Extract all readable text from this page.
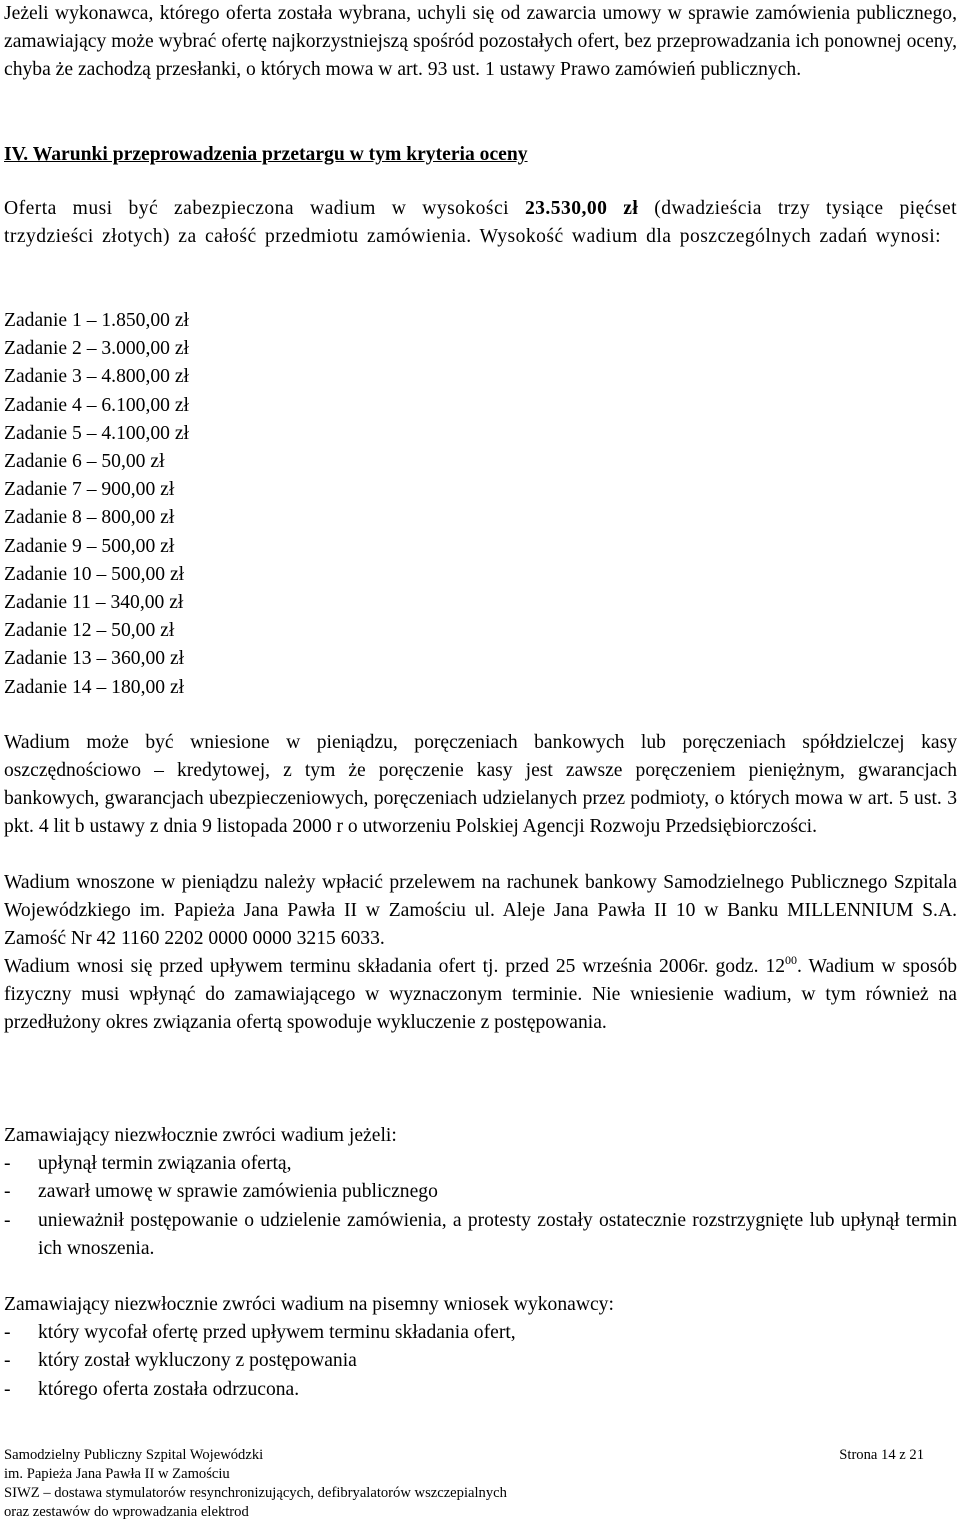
Jeżeli wykonawca, którego oferta została wybrana, uchyli się od zawarcia umowy w sprawie zamówienia publicznego, zamawiający może wybrać ofertę najkorzystniejszą spośród pozostałych ofert, bez przeprowadzania ich ponownej oceny, chyba że zachodzą przesłanki, o których mowa w art. 93 ust. 1 ustawy Prawo zamówień publicznych.

IV. Warunki przeprowadzenia przetargu w tym kryteria oceny

Oferta musi być zabezpieczona wadium w wysokości 23.530,00 zł (dwadzieścia trzy tysiące pięćset trzydzieści złotych) za całość przedmiotu zamówienia. Wysokość wadium dla poszczególnych zadań wynosi:

Zadanie 1 – 1.850,00 zł
Zadanie 2 – 3.000,00 zł
Zadanie 3 – 4.800,00 zł
Zadanie 4 – 6.100,00 zł
Zadanie 5 – 4.100,00 zł
Zadanie 6 – 50,00 zł
Zadanie 7 – 900,00 zł
Zadanie 8 – 800,00 zł
Zadanie 9 – 500,00 zł
Zadanie 10 – 500,00 zł
Zadanie 11 – 340,00 zł
Zadanie 12 – 50,00 zł
Zadanie 13 – 360,00 zł
Zadanie 14 – 180,00 zł

Wadium może być wniesione w pieniądzu, poręczeniach bankowych lub poręczeniach spółdzielczej kasy oszczędnościowo – kredytowej, z tym że poręczenie kasy jest zawsze poręczeniem pieniężnym, gwarancjach bankowych, gwarancjach ubezpieczeniowych, poręczeniach udzielanych przez podmioty, o których mowa w art. 5 ust. 3 pkt. 4 lit b ustawy z dnia 9 listopada 2000 r o utworzeniu Polskiej Agencji Rozwoju Przedsiębiorczości.

Wadium wnoszone w pieniądzu należy wpłacić przelewem na rachunek bankowy Samodzielnego Publicznego Szpitala Wojewódzkiego im. Papieża Jana Pawła II w Zamościu ul. Aleje Jana Pawła II 10 w Banku MILLENNIUM S.A. Zamość Nr 42 1160 2202 0000 0000 3215 6033.

Wadium wnosi się przed upływem terminu składania ofert tj. przed 25 września 2006r. godz. $12^{00}$. Wadium w sposób fizyczny musi wpłynąć do zamawiającego w wyznaczonym terminie. Nie wniesienie wadium, w tym również na przedłużony okres związania ofertą spowoduje wykluczenie z postępowania.

Zamawiający niezwłocznie zwróci wadium jeżeli:

- upłynął termin związania ofertą,
- zawarł umowę w sprawie zamówienia publicznego
- unieważnił postępowanie o udzielenie zamówienia, a protesty zostały ostatecznie rozstrzygnięte lub upłynął termin ich wnoszenia.

Zamawiający niezwłocznie zwróci wadium na pisemny wniosek wykonawcy:

- który wycofał ofertę przed upływem terminu składania ofert,
- który został wykluczony z postępowania
- którego oferta została odrzucona.
Samodzielny Publiczny Szpital Wojewódzki
im. Papieża Jana Pawła II w Zamościu
SIWZ – dostawa stymulatorów resynchronizujących, defibryalatorów wszczepialnych
oraz zestawów do wprowadzania elektrod
Strona 14 z 21
